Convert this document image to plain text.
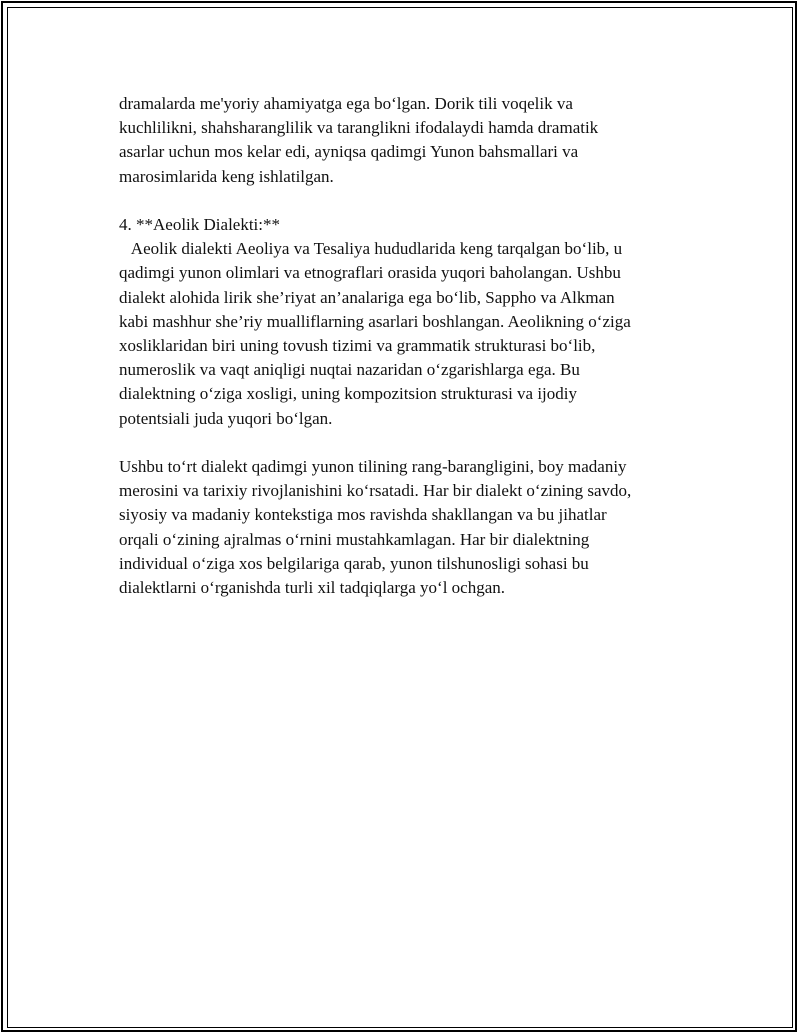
dramalarda me'yoriy ahamiyatga ega bo‘lgan. Dorik tili voqelik va
kuchlilikni, shahsharanglilik va taranglikni ifodalaydi hamda dramatik
asarlar uchun mos kelar edi, ayniqsa qadimgi Yunon bahsmallari va
marosimlarida keng ishlatilgan.
4. **Aeolik Dialekti:**
Aeolik dialekti Aeoliya va Tesaliya hududlarida keng tarqalgan bo‘lib, u
qadimgi yunon olimlari va etnograflari orasida yuqori baholangan. Ushbu
dialekt alohida lirik she’riyat an’analariga ega bo‘lib, Sappho va Alkman
kabi mashhur she’riy mualliflarning asarlari boshlangan. Aeolikning o‘ziga
xosliklaridan biri uning tovush tizimi va grammatik strukturasi bo‘lib,
numeroslik va vaqt aniqligi nuqtai nazaridan o‘zgarishlarga ega. Bu
dialektning o‘ziga xosligi, uning kompozitsion strukturasi va ijodiy
potentsiali juda yuqori bo‘lgan.
Ushbu to‘rt dialekt qadimgi yunon tilining rang-barangligini, boy madaniy
merosini va tarixiy rivojlanishini ko‘rsatadi. Har bir dialekt o‘zining savdo,
siyosiy va madaniy kontekstiga mos ravishda shakllangan va bu jihatlar
orqali o‘zining ajralmas o‘rnini mustahkamlagan. Har bir dialektning
individual o‘ziga xos belgilariga qarab, yunon tilshunosligi sohasi bu
dialektlarni o‘rganishda turli xil tadqiqlarga yo‘l ochgan.
